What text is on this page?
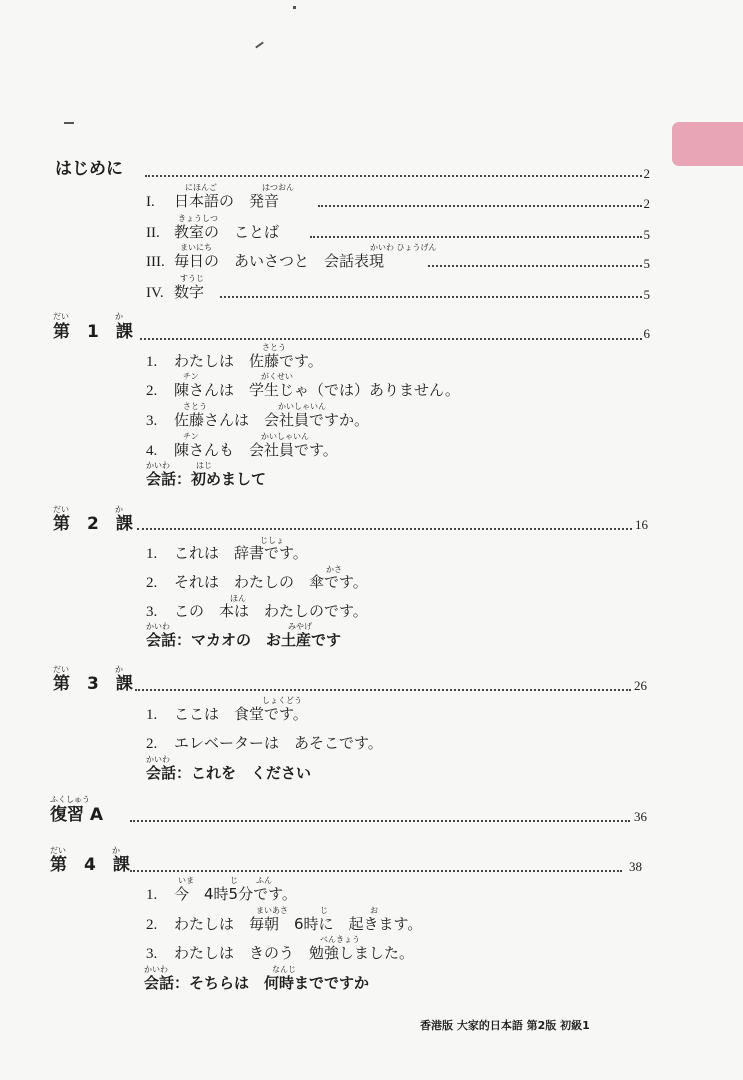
はじめに	2
にほんご	はつおん
I. 日本語の　発音	2
きょうしつ
II. 教室の　ことば	5
まいにち	かいわ ひょうげん
III. 毎日の　あいさつと　会話表現	5
すうじ
IV. 数字	5
だい	か
第　1　課	6
さとう
1. わたしは　佐藤です。
チン	がくせい
2. 陳さんは　学生じゃ（では）ありません。
さとう	かいしゃいん
3. 佐藤さんは　会社員ですか。
チン	かいしゃいん
4. 陳さんも　会社員です。
かいわ	はじ
会話：初めまして
だい	か
第　2　課	16
じしょ
1. これは　辞書です。
かさ
2. それは　わたしの　傘です。
ほん
3. この　本は　わたしのです。
かいわ	みやげ
会話：マカオの　お土産です
だい	か
第　3　課	26
しょくどう
1. ここは　食堂です。
2. エレベーターは　あそこです。
かいわ
会話：これを　ください
ふくしゅう
復習 A	36
だい	か
第　4　課	38
いま	じ ふん
1. 今　4時5分です。
まいあさ	じ	お
2. わたしは　毎朝　6時に　起きます。
べんきょう
3. わたしは　きのう　勉強しました。
かいわ	なんじ
会話：そちらは　何時までですか
香港版 大家的日本語 第2版 初級1
